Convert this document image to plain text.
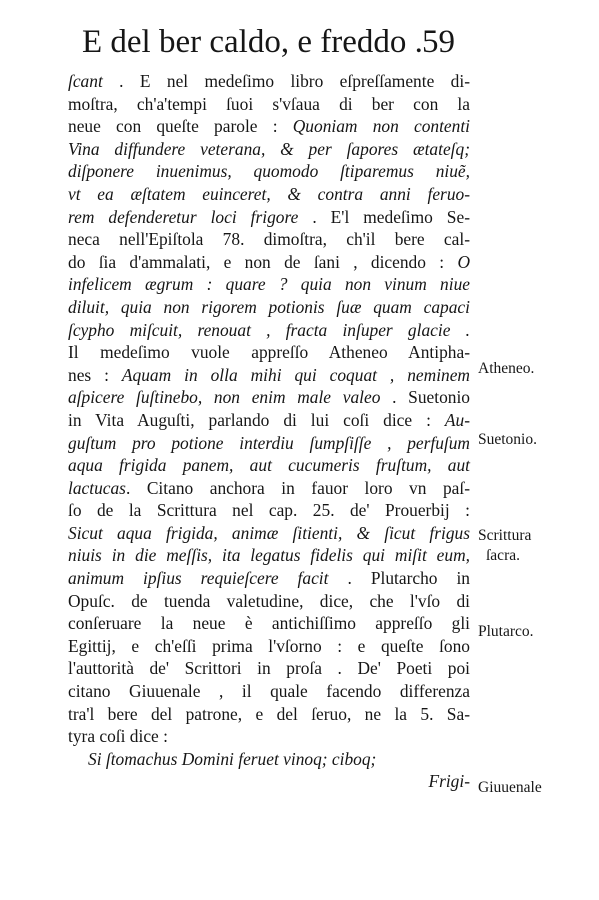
E del ber caldo, e freddo . 59
ſcant . E nel medeſimo libro eſpreſſamente di-
moſtra, ch'a'tempi ſuoi s'vſaua di ber con la
neue con queſte parole : Quoniam non contenti
Vina diffundere veterana, & per ſapores ætateſq;
diſponere inuenimus, quomodo ſtiparemus niuẽ,
vt ea æſtatem euinceret, & contra anni feruo-
rem defenderetur loci frigore . E'l medeſimo Se-
neca nell'Epiſtola 78. dimoſtra, ch'il bere cal-
do ſia d'ammalati, e non de ſani , dicendo : O
infelicem ægrum : quare ? quia non vinum niue
diluit, quia non rigorem potionis ſuæ quam capaci
ſcypho miſcuit, renouat , fracta inſuper glacie .
Il medeſimo vuole appreſſo Atheneo Antipha-
nes : Aquam in olla mihi qui coquat , neminem
aſpicere ſuſtinebo, non enim male valeo . Suetonio
in Vita Auguſti, parlando di lui coſi dice : Au-
guſtum pro potione interdiu ſumpſiſſe , perfuſum
aqua frigida panem, aut cucumeris fruſtum, aut
lactucas. Citano anchora in fauor loro vn paſ-
ſo de la Scrittura nel cap. 25. de' Prouerbij :
Sicut aqua frigida, animæ ſitienti, & ſicut frigus
niuis in die meſſis, ita legatus fidelis qui miſit eum,
animum ipſius requieſcere facit . Plutarcho in
Opuſc. de tuenda valetudine, dice, che l'vſo di
conſeruare la neue è antichiſſimo appreſſo gli
Egittij, e ch'eſſi prima l'vſorno : e queſte ſono
l'auttorità de' Scrittori in proſa . De' Poeti poi
citano Giuuenale , il quale facendo differenza
tra'l bere del patrone, e del ſeruo, ne la 5. Sa-
tyra coſi dice :
Si ſtomachus Domini feruet vinoq; ciboq;
Frigi-
Atheneo.
Suetonio.
Scrittura
ſacra.
Plutarco.
Giuuenale
